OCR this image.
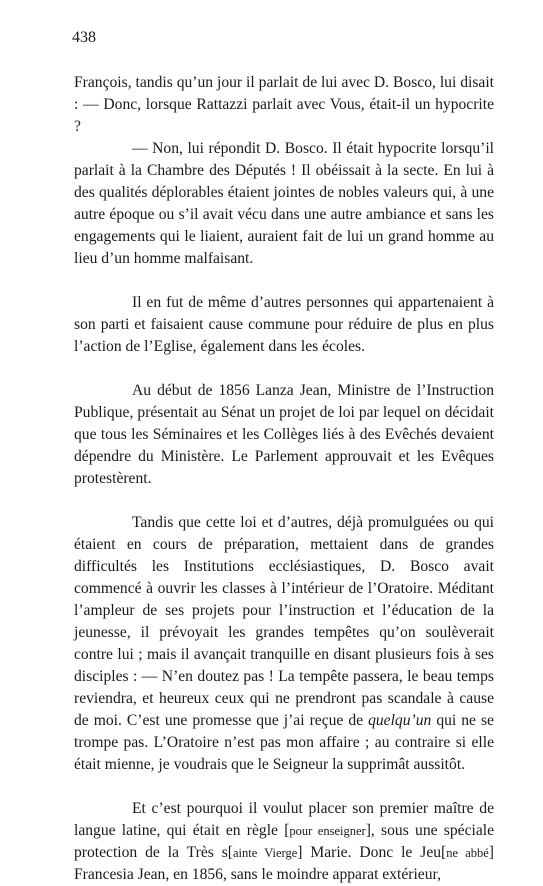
438

François, tandis qu’un jour il parlait de lui avec D. Bosco, lui disait : — Donc, lorsque Rattazzi parlait avec Vous, était-il un hypocrite ?

— Non, lui répondit D. Bosco. Il était hypocrite lorsqu’il parlait à la Chambre des Députés ! Il obéissait à la secte. En lui à des qualités déplorables étaient jointes de nobles valeurs qui, à une autre époque ou s’il avait vécu dans une autre ambiance et sans les engagements qui le liaient, auraient fait de lui un grand homme au lieu d’un homme malfaisant.

Il en fut de même d’autres personnes qui appartenaient à son parti et faisaient cause commune pour réduire de plus en plus l’action de l’Eglise, également dans les écoles.

Au début de 1856 Lanza Jean, Ministre de l’Instruction Publique, présentait au Sénat un projet de loi par lequel on décidait que tous les Séminaires et les Collèges liés à des Evêchés devaient dépendre du Ministère. Le Parlement approuvait et les Evêques protestèrent.

Tandis que cette loi et d’autres, déjà promulguées ou qui étaient en cours de préparation, mettaient dans de grandes difficultés les Institutions ecclésiastiques, D. Bosco avait commencé à ouvrir les classes à l’intérieur de l’Oratoire. Méditant l’ampleur de ses projets pour l’instruction et l’éducation de la jeunesse, il prévoyait les grandes tempêtes qu’on soulèverait contre lui ; mais il avançait tranquille en disant plusieurs fois à ses disciples : — N’en doutez pas ! La tempête passera, le beau temps reviendra, et heureux ceux qui ne prendront pas scandale à cause de moi. C’est une promesse que j’ai reçue de quelqu’un qui ne se trompe pas. L’Oratoire n’est pas mon affaire ; au contraire si elle était mienne, je voudrais que le Seigneur la supprimât aussitôt.

Et c’est pourquoi il voulut placer son premier maître de langue latine, qui était en règle [pour enseigner], sous une spéciale protection de la Très s[ainte Vierge] Marie. Donc le Jeu[ne abbé] Francesia Jean, en 1856, sans le moindre apparat extérieur,
